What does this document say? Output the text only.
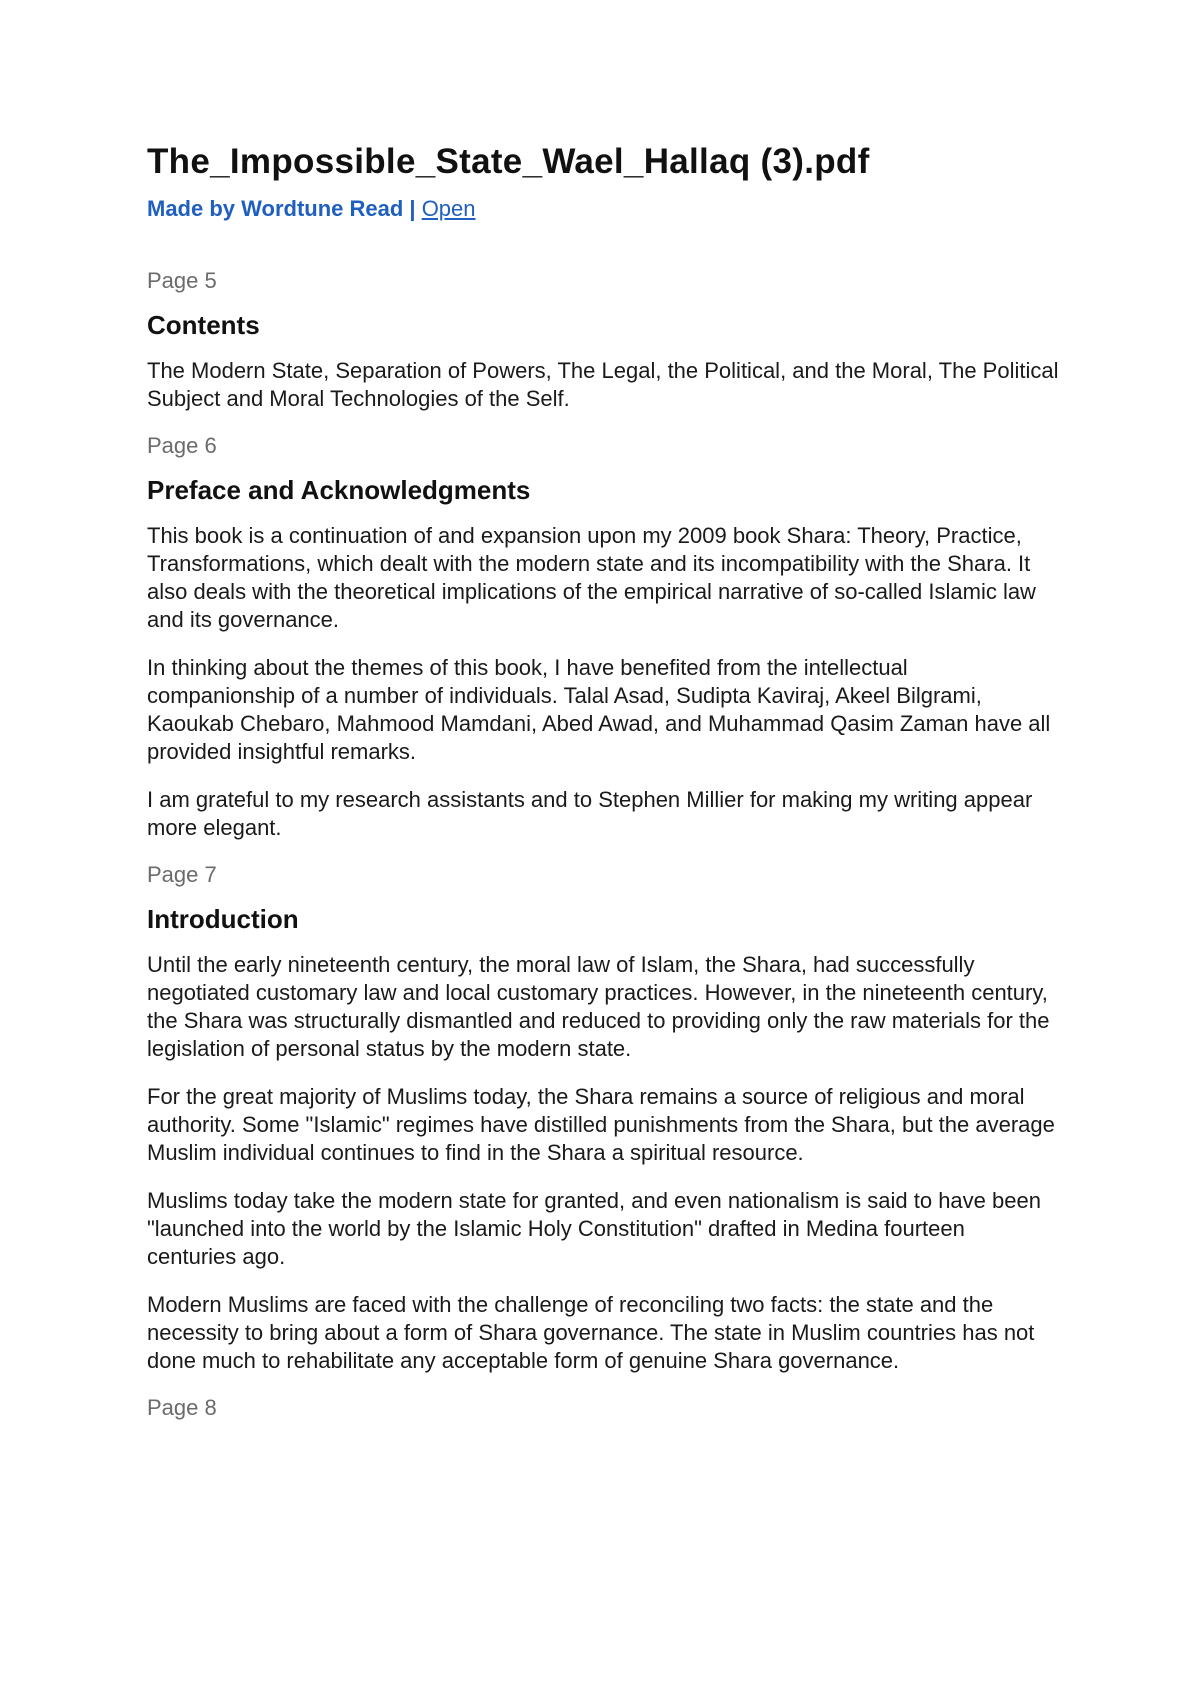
The_Impossible_State_Wael_Hallaq (3).pdf
Made by Wordtune Read | Open
Page 5
Contents

The Modern State, Separation of Powers, The Legal, the Political, and the Moral, The Political Subject and Moral Technologies of the Self.

Page 6
Preface and Acknowledgments

This book is a continuation of and expansion upon my 2009 book Shara: Theory, Practice, Transformations, which dealt with the modern state and its incompatibility with the Shara. It also deals with the theoretical implications of the empirical narrative of so-called Islamic law and its governance.

In thinking about the themes of this book, I have benefited from the intellectual companionship of a number of individuals. Talal Asad, Sudipta Kaviraj, Akeel Bilgrami, Kaoukab Chebaro, Mahmood Mamdani, Abed Awad, and Muhammad Qasim Zaman have all provided insightful remarks.

I am grateful to my research assistants and to Stephen Millier for making my writing appear more elegant.

Page 7
Introduction

Until the early nineteenth century, the moral law of Islam, the Shara, had successfully negotiated customary law and local customary practices. However, in the nineteenth century, the Shara was structurally dismantled and reduced to providing only the raw materials for the legislation of personal status by the modern state.

For the great majority of Muslims today, the Shara remains a source of religious and moral authority. Some "Islamic" regimes have distilled punishments from the Shara, but the average Muslim individual continues to find in the Shara a spiritual resource.

Muslims today take the modern state for granted, and even nationalism is said to have been "launched into the world by the Islamic Holy Constitution" drafted in Medina fourteen centuries ago.

Modern Muslims are faced with the challenge of reconciling two facts: the state and the necessity to bring about a form of Shara governance. The state in Muslim countries has not done much to rehabilitate any acceptable form of genuine Shara governance.

Page 8
